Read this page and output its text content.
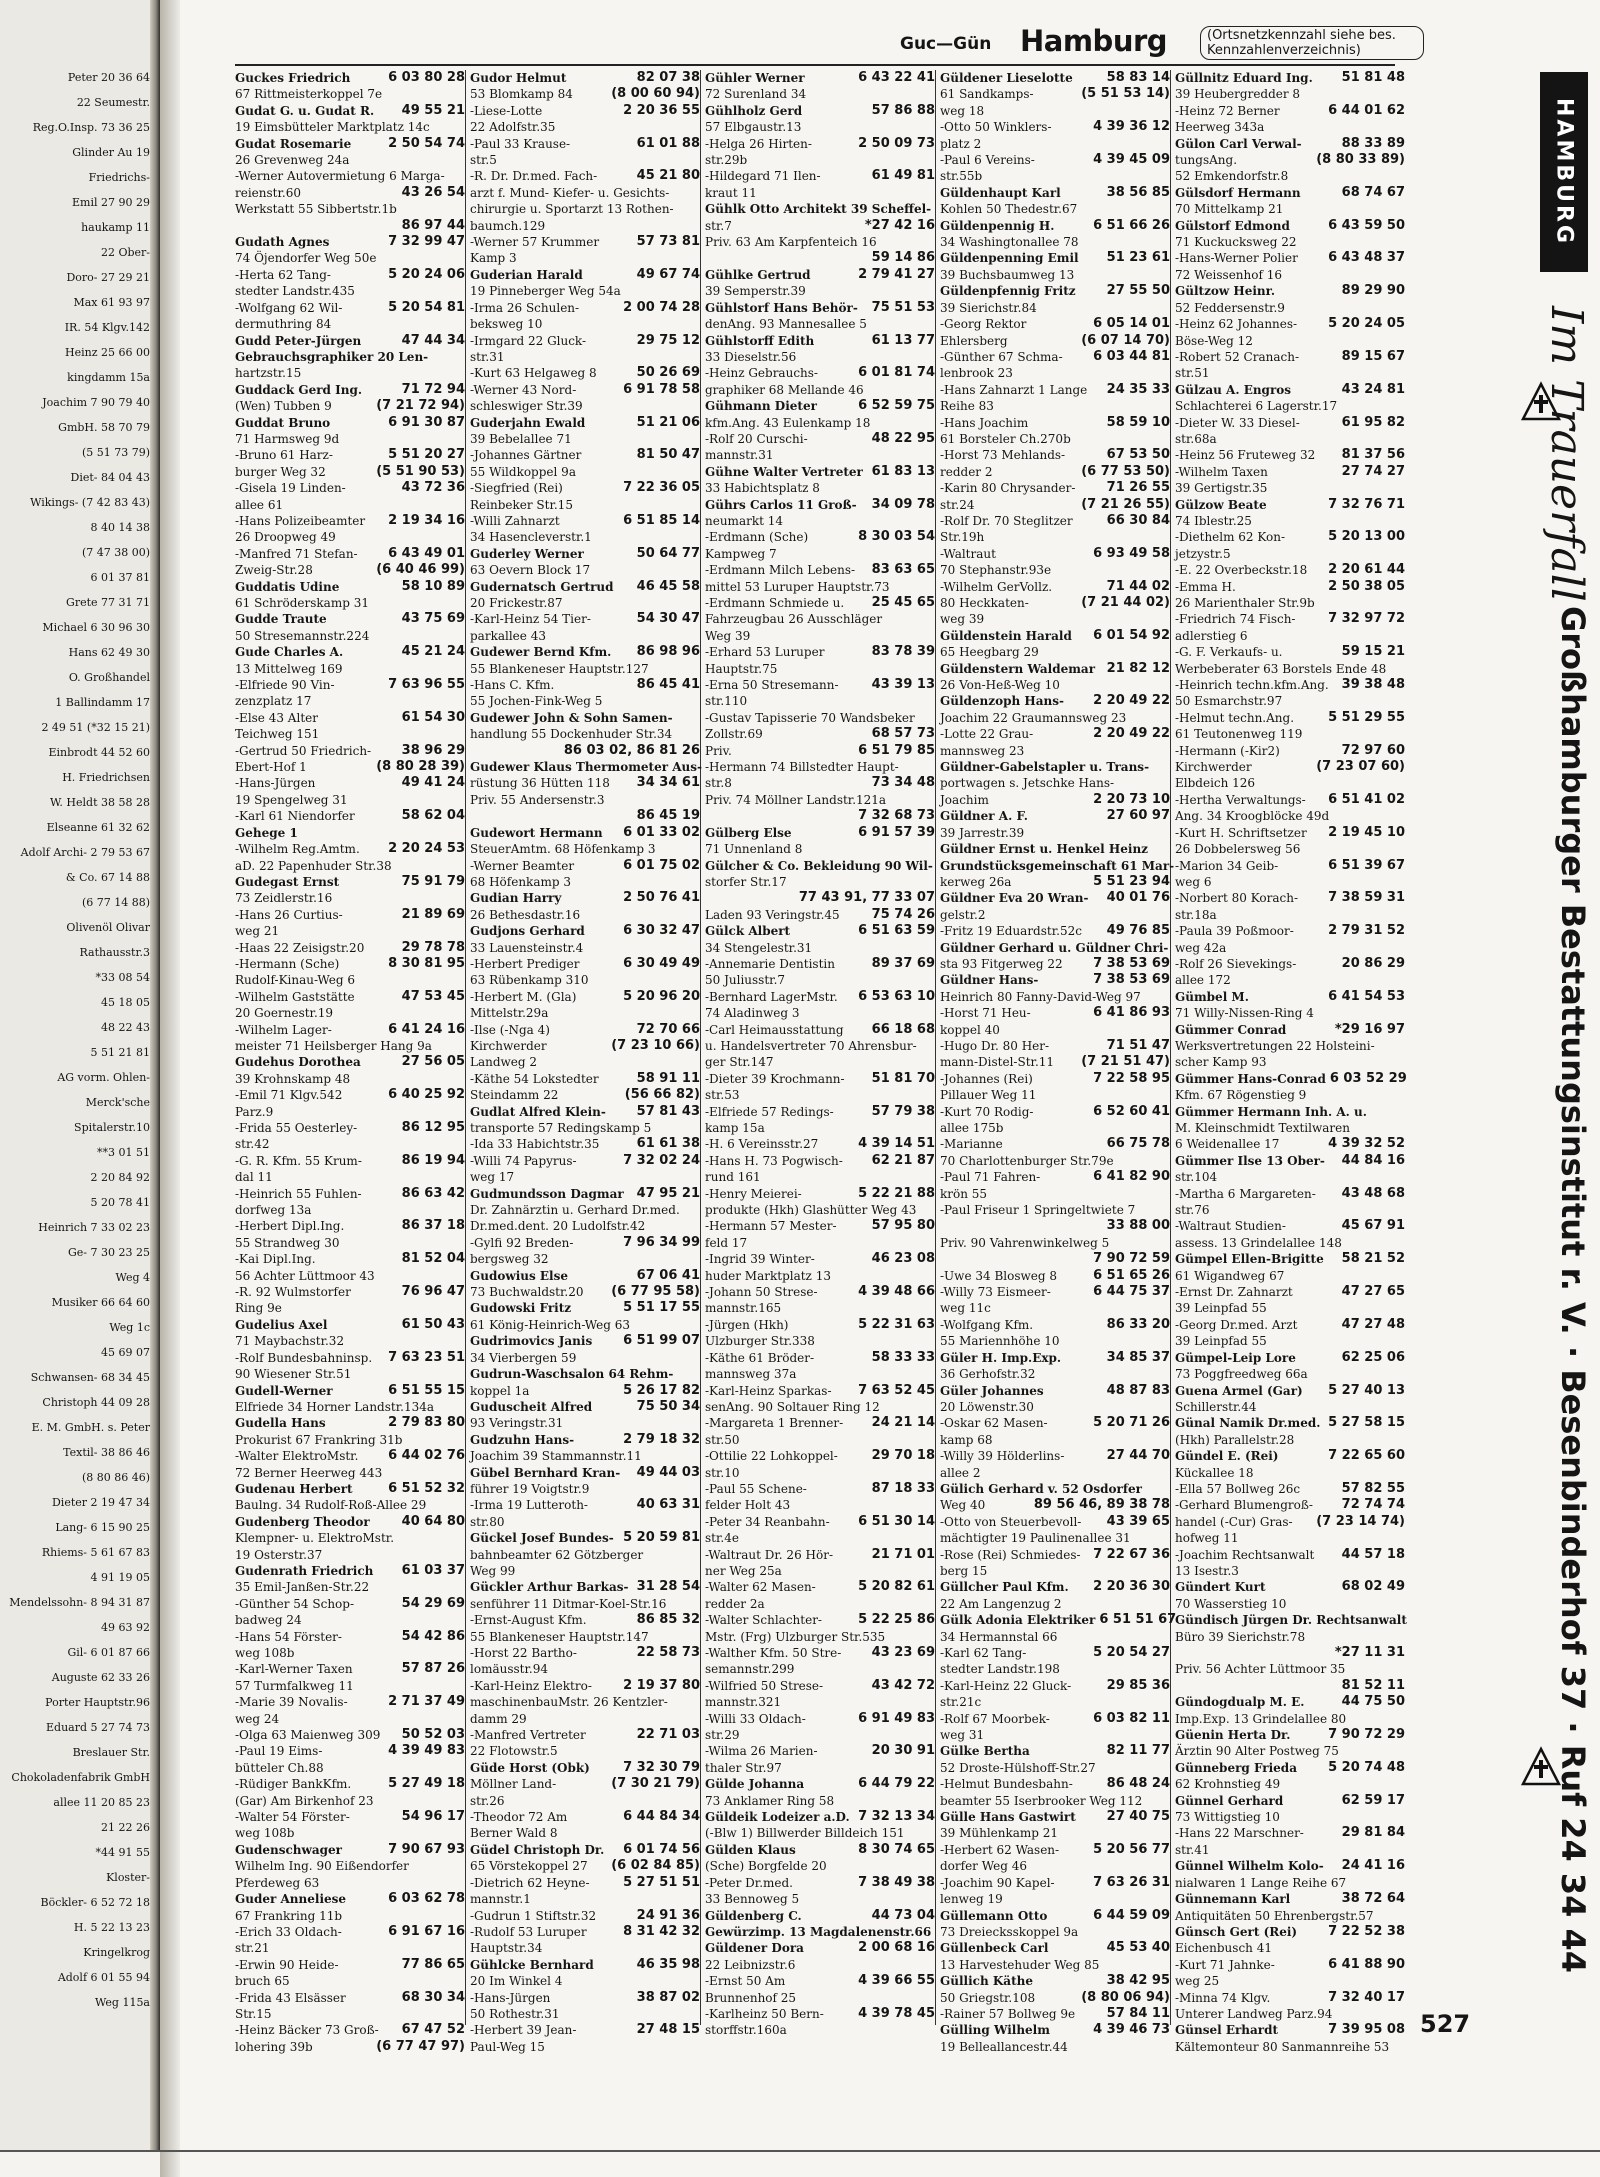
Peter 20 36 64
22 Seumestr.
Reg.O.Insp. 73 36 25
Glinder Au 19
Friedrichs-
Emil 27 90 29
haukamp 11
22 Ober-
Doro- 27 29 21
Max 61 93 97
IR. 54 Klgv.142
Heinz 25 66 00
kingdamm 15a
Joachim 7 90 79 40
GmbH. 58 70 79
(5 51 73 79)
Diet- 84 04 43
Wikings- (7 42 83 43)
8 40 14 38
(7 47 38 00)
6 01 37 81
Grete 77 31 71
Michael 6 30 96 30
Hans 62 49 30
O. Großhandel
1 Ballindamm 17
2 49 51 (*32 15 21)
Einbrodt 44 52 60
H. Friedrichsen
W. Heldt 38 58 28
Elseanne 61 32 62
Adolf Archi- 2 79 53 67
& Co. 67 14 88
(6 77 14 88)
Olivenöl Olivar
Rathausstr.3
*33 08 54
45 18 05
48 22 43
5 51 21 81
AG vorm. Ohlen-
Merck'sche
Spitalerstr.10
**3 01 51
2 20 84 92
5 20 78 41
Heinrich 7 33 02 23
Ge- 7 30 23 25
Weg 4
Musiker 66 64 60
Weg 1c
45 69 07
Schwansen- 68 34 45
Christoph 44 09 28
E. M. GmbH. s. Peter
Textil- 38 86 46
(8 80 86 46)
Dieter 2 19 47 34
Lang- 6 15 90 25
Rhiems- 5 61 67 83
4 91 19 05
Mendelssohn- 8 94 31 87
49 63 92
Gil- 6 01 87 66
Auguste 62 33 26
Porter Hauptstr.96
Eduard 5 27 74 73
Breslauer Str.
Chokoladenfabrik GmbH
allee 11 20 85 23
21 22 26
*44 91 55
Kloster-
Böckler- 6 52 72 18
H. 5 22 13 23
Kringelkrog
Adolf 6 01 55 94
Weg 115a
Guc—Gün Hamburg	(Ortsnetzkennzahl siehe bes. Kennzahlenverzeichnis)
Guckes Friedrich	6 03 80 28
67 Rittmeisterkoppel 7e
Gudat G. u. Gudat R. 49 55 21
19 Eimsbütteler Marktplatz 14c
Gudat Rosemarie	2 50 54 74
26 Grevenweg 24a
-Werner Autovermietung 6 Marga-
reienstr.60	43 26 54
Werkstatt 55 Sibbertstr.1b
86 97 44
Gudath Agnes	7 32 99 47
74 Öjendorfer Weg 50e
-Herta 62 Tang-	5 20 24 06
stedter Landstr.435
-Wolfgang 62 Wil-	5 20 54 81
dermuthring 84
Gudd Peter-Jürgen	47 44 34
Gebrauchsgraphiker 20 Len-
hartzstr.15
Guddack Gerd Ing.	71 72 94
(Wen) Tubben 9	(7 21 72 94)
Guddat Bruno	6 91 30 87
71 Harmsweg 9d
-Bruno 61 Harz-	5 51 20 27
burger Weg 32	(5 51 90 53)
-Gisela 19 Linden-	43 72 36
allee 61
-Hans Polizeibeamter 2 19 34 16
26 Droopweg 49
-Manfred 71 Stefan- 6 43 49 01
Zweig-Str.28	(6 40 46 99)
Guddatis Udine	58 10 89
61 Schröderskamp 31
Gudde Traute	43 75 69
50 Stresemannstr.224
Gude Charles A.	45 21 24
13 Mittelweg 169
-Elfriede 90 Vin-	7 63 96 55
zenzplatz 17
-Else 43 Alter	61 54 30
Teichweg 151
-Gertrud 50 Friedrich- 38 96 29
Ebert-Hof 1	(8 80 28 39)
-Hans-Jürgen	49 41 24
19 Spengelweg 31
-Karl 61 Niendorfer	58 62 04
Gehege 1
-Wilhelm Reg.Amtm. 2 20 24 53
aD. 22 Papenhuder Str.38
Gudegast Ernst	75 91 79
73 Zeidlerstr.16
-Hans 26 Curtius-	21 89 69
weg 21
-Haas 22 Zeisigstr.20	29 78 78
-Hermann (Sche)	8 30 81 95
Rudolf-Kinau-Weg 6
-Wilhelm Gaststätte	47 53 45
20 Goernestr.19
-Wilhelm Lager-	6 41 24 16
meister 71 Heilsberger Hang 9a
Gudehus Dorothea	27 56 05
39 Krohnskamp 48
-Emil 71 Klgv.542	6 40 25 92
Parz.9
-Frida 55 Oesterley-	86 12 95
str.42
-G. R. Kfm. 55 Krum-	86 19 94
dal 11
-Heinrich 55 Fuhlen-	86 63 42
dorfweg 13a
-Herbert Dipl.Ing.	86 37 18
55 Strandweg 30
-Kai Dipl.Ing.	81 52 04
56 Achter Lüttmoor 43
-R. 92 Wulmstorfer	76 96 47
Ring 9e
Gudelius Axel	61 50 43
71 Maybachstr.32
-Rolf Bundesbahninsp. 7 63 23 51
90 Wiesener Str.51
Gudell-Werner	6 51 55 15
Elfriede 34 Horner Landstr.134a
Gudella Hans	2 79 83 80
Prokurist 67 Frankring 31b
-Walter ElektroMstr. 6 44 02 76
72 Berner Heerweg 443
Gudenau Herbert	6 51 52 32
Baulng. 34 Rudolf-Roß-Allee 29
Gudenberg Theodor 40 64 80
Klempner- u. ElektroMstr.
19 Osterstr.37
Gudenrath Friedrich 61 03 37
35 Emil-Janßen-Str.22
-Günther 54 Schop-	54 29 69
badweg 24
-Hans 54 Förster-	54 42 86
weg 108b
-Karl-Werner Taxen	57 87 26
57 Turmfalkweg 11
-Marie 39 Novalis-	2 71 37 49
weg 24
-Olga 63 Maienweg 309 50 52 03
-Paul 19 Eims-	4 39 49 83
bütteler Ch.88
-Rüdiger BankKfm.	5 27 49 18
(Gar) Am Birkenhof 23
-Walter 54 Förster-	54 96 17
weg 108b
Gudenschwager	7 90 67 93
Wilhelm Ing. 90 Eißendorfer
Pferdeweg 63
Guder Anneliese	6 03 62 78
67 Frankring 11b
-Erich 33 Oldach-	6 91 67 16
str.21
-Erwin 90 Heide-	77 86 65
bruch 65
-Frida 43 Elsässer	68 30 34
Str.15
-Heinz Bäcker 73 Groß- 67 47 52
lohering 39b	(6 77 47 97)
Gudor Helmut	82 07 38
53 Blomkamp 84	(8 00 60 94)
-Liese-Lotte	2 20 36 55
22 Adolfstr.35
-Paul 33 Krause-	61 01 88
str.5
-R. Dr. Dr.med. Fach-	45 21 80
arzt f. Mund- Kiefer- u. Gesichts-
chirurgie u. Sportarzt 13 Rothen-
baumch.129
-Werner 57 Krummer	57 73 81
Kamp 3
Guderian Harald	49 67 74
19 Pinneberger Weg 54a
-Irma 26 Schulen-	2 00 74 28
beksweg 10
-Irmgard 22 Gluck-	29 75 12
str.31
-Kurt 63 Helgaweg 8	50 26 69
-Werner 43 Nord-	6 91 78 58
schleswiger Str.39
Guderjahn Ewald	51 21 06
39 Bebelallee 71
-Johannes Gärtner	81 50 47
55 Wildkoppel 9a
-Siegfried (Rei)	7 22 36 05
Reinbeker Str.15
-Willi Zahnarzt	6 51 85 14
34 Hasencleverstr.1
Guderley Werner	50 64 77
63 Oevern Block 17
Gudernatsch Gertrud 46 45 58
20 Frickestr.87
-Karl-Heinz 54 Tier-	54 30 47
parkallee 43
Gudewer Bernd Kfm. 86 98 96
55 Blankeneser Hauptstr.127
-Hans C. Kfm.	86 45 41
55 Jochen-Fink-Weg 5
Gudewer John & Sohn Samen-
handlung 55 Dockenhuder Str.34
86 03 02, 86 81 26
Gudewer Klaus Thermometer Aus-
rüstung 36 Hütten 118 34 34 61
Priv. 55 Andersenstr.3
86 45 19
Gudewort Hermann 6 01 33 02
SteuerAmtm. 68 Höfenkamp 3
-Werner Beamter	6 01 75 02
68 Höfenkamp 3
Gudian Harry	2 50 76 41
26 Bethesdastr.16
Gudjons Gerhard	6 30 32 47
33 Lauensteinstr.4
-Herbert Prediger	6 30 49 49
63 Rübenkamp 310
-Herbert M. (Gla)	5 20 96 20
Mittelstr.29a
-Ilse (-Nga 4)	72 70 66
Kirchwerder	(7 23 10 66)
Landweg 2
-Käthe 54 Lokstedter	58 91 11
Steindamm 22	(56 66 82)
Gudlat Alfred Klein- 57 81 43
transporte 57 Redingskamp 5
-Ida 33 Habichtstr.35	61 61 38
-Willi 74 Papyrus-	7 32 02 24
weg 17
Gudmundsson Dagmar 47 95 21
Dr. Zahnärztin u. Gerhard Dr.med.
Dr.med.dent. 20 Ludolfstr.42
-Gylfi 92 Breden-	7 96 34 99
bergsweg 32
Gudowius Else	67 06 41
73 Buchwaldstr.20 (6 77 95 58)
Gudowski Fritz	5 51 17 55
61 König-Heinrich-Weg 63
Gudrimovics Janis 6 51 99 07
34 Vierbergen 59
Gudrun-Waschsalon 64 Rehm-
koppel 1a	5 26 17 82
Guduscheit Alfred	75 50 34
93 Veringstr.31
Gudzuhn Hans-	2 79 18 32
Joachim 39 Stammannstr.11
Gübel Bernhard Kran- 49 44 03
führer 19 Voigtstr.9
-Irma 19 Lutteroth-	40 63 31
str.80
Gückel Josef Bundes- 5 20 59 81
bahnbeamter 62 Götzberger
Weg 99
Gückler Arthur Barkas- 31 28 54
senführer 11 Ditmar-Koel-Str.16
-Ernst-August Kfm.	86 85 32
55 Blankeneser Hauptstr.147
-Horst 22 Bartho-	22 58 73
lomäusstr.94
-Karl-Heinz Elektro- 2 19 37 80
maschinenbauMstr. 26 Kentzler-
damm 29
-Manfred Vertreter	22 71 03
22 Flotowstr.5
Güde Horst (Obk)	7 32 30 79
Möllner Land-	(7 30 21 79)
str.26
-Theodor 72 Am	6 44 84 34
Berner Wald 8
Güdel Christoph Dr. 6 01 74 56
65 Vörstekoppel 27 (6 02 84 85)
-Dietrich 62 Heyne-	5 27 51 51
mannstr.1
-Gudrun 1 Stiftstr.32	24 91 36
-Rudolf 53 Luruper	8 31 42 32
Hauptstr.34
Gühlcke Bernhard	46 35 98
20 Im Winkel 4
-Hans-Jürgen	38 87 02
50 Rothestr.31
-Herbert 39 Jean-	27 48 15
Paul-Weg 15
Gühler Werner	6 43 22 41
72 Surenland 34
Gühlholz Gerd	57 86 88
57 Elbgaustr.13
-Helga 26 Hirten-	2 50 09 73
str.29b
-Hildegard 71 Ilen-	61 49 81
kraut 11
Gühlk Otto Architekt 39 Scheffel-
str.7	*27 42 16
Priv. 63 Am Karpfenteich 16
59 14 86
Gühlke Gertrud	2 79 41 27
39 Semperstr.39
Gühlstorf Hans Behör- 75 51 53
denAng. 93 Mannesallee 5
Gühlstorff Edith	61 13 77
33 Dieselstr.56
-Heinz Gebrauchs-	6 01 81 74
graphiker 68 Mellande 46
Gühmann Dieter	6 52 59 75
kfm.Ang. 43 Eulenkamp 18
-Rolf 20 Curschi-	48 22 95
mannstr.31
Gühne Walter Vertreter 61 83 13
33 Habichtsplatz 8
Gührs Carlos 11 Groß- 34 09 78
neumarkt 14
-Erdmann (Sche)	8 30 03 54
Kampweg 7
-Erdmann Milch Lebens- 83 63 65
mittel 53 Luruper Hauptstr.73
-Erdmann Schmiede u. 25 45 65
Fahrzeugbau 26 Ausschläger
Weg 39
-Erhard 53 Luruper	83 78 39
Hauptstr.75
-Erna 50 Stresemann-	43 39 13
str.110
-Gustav Tapisserie 70 Wandsbeker
Zollstr.69	68 57 73
Priv.	6 51 79 85
-Hermann 74 Billstedter Haupt-
str.8	73 34 48
Priv. 74 Möllner Landstr.121a
7 32 68 73
Gülberg Else	6 91 57 39
71 Unnenland 8
Gülcher & Co. Bekleidung 90 Wil-
storfer Str.17
77 43 91, 77 33 07
Laden 93 Veringstr.45 75 74 26
Gülck Albert	6 51 63 59
34 Stengelestr.31
-Annemarie Dentistin	89 37 69
50 Juliusstr.7
-Bernhard LagerMstr. 6 53 63 10
74 Aladinweg 3
-Carl Heimausstattung 66 18 68
u. Handelsvertreter 70 Ahrensbur-
ger Str.147
-Dieter 39 Krochmann- 51 81 70
str.53
-Elfriede 57 Redings-	57 79 38
kamp 15a
-H. 6 Vereinsstr.27	4 39 14 51
-Hans H. 73 Pogwisch- 62 21 87
rund 161
-Henry Meierei-	5 22 21 88
produkte (Hkh) Glashütter Weg 43
-Hermann 57 Mester-	57 95 80
feld 17
-Ingrid 39 Winter-	46 23 08
huder Marktplatz 13
-Johann 50 Strese-	4 39 48 66
mannstr.165
-Jürgen (Hkh)	5 22 31 63
Ulzburger Str.338
-Käthe 61 Bröder-	58 33 33
mannsweg 37a
-Karl-Heinz Sparkas- 7 63 52 45
senAng. 90 Soltauer Ring 12
-Margareta 1 Brenner- 24 21 14
str.50
-Ottilie 22 Lohkoppel-	29 70 18
str.10
-Paul 55 Schene-	87 18 33
felder Holt 43
-Peter 34 Reanbahn- 6 51 30 14
str.4e
-Waltraut Dr. 26 Hör-	21 71 01
ner Weg 25a
-Walter 62 Masen-	5 20 82 61
redder 2a
-Walter Schlachter-	5 22 25 86
Mstr. (Frg) Ulzburger Str.535
-Walther Kfm. 50 Stre- 43 23 69
semannstr.299
-Wilfried 50 Strese-	43 42 72
mannstr.321
-Willi 33 Oldach-	6 91 49 83
str.29
-Wilma 26 Marien-	20 30 91
thaler Str.97
Gülde Johanna	6 44 79 22
73 Anklamer Ring 58
Güldeik Lodeizer a.D. 7 32 13 34
(-Blw 1) Billwerder Billdeich 151
Gülden Klaus	8 30 74 65
(Sche) Borgfelde 20
-Peter Dr.med.	7 38 49 38
33 Bennoweg 5
Güldenberg C.	44 73 04
Gewürzimp. 13 Magdalenenstr.66
Güldener Dora	2 00 68 16
22 Leibnizstr.6
-Ernst 50 Am	4 39 66 55
Brunnenhof 25
-Karlheinz 50 Bern-	4 39 78 45
storffstr.160a
Güldener Lieselotte	58 83 14
61 Sandkamps-	(5 51 53 14)
weg 18
-Otto 50 Winklers-	4 39 36 12
platz 2
-Paul 6 Vereins-	4 39 45 09
str.55b
Güldenhaupt Karl	38 56 85
Kohlen 50 Thedestr.67
Güldenpennig H.	6 51 66 26
34 Washingtonallee 78
Güldenpenning Emil 51 23 61
39 Buchsbaumweg 13
Güldenpfennig Fritz 27 55 50
39 Sierichstr.84
-Georg Rektor	6 05 14 01
Ehlersberg	(6 07 14 70)
-Günther 67 Schma- 6 03 44 81
lenbrook 23
-Hans Zahnarzt 1 Lange 24 35 33
Reihe 83
-Hans Joachim	58 59 10
61 Borsteler Ch.270b
-Horst 73 Mehlands-	67 53 50
redder 2	(6 77 53 50)
-Karin 80 Chrysander- 71 26 55
str.24	(7 21 26 55)
-Rolf Dr. 70 Steglitzer	66 30 84
Str.19h
-Waltraut	6 93 49 58
70 Stephanstr.93e
-Wilhelm GerVollz.	71 44 02
80 Heckkaten-	(7 21 44 02)
weg 39
Güldenstein Harald 6 01 54 92
65 Heegbarg 29
Güldenstern Waldemar 21 82 12
26 Von-Heß-Weg 10
Güldenzoph Hans- 2 20 49 22
Joachim 22 Graumannsweg 23
-Lotte 22 Grau-	2 20 49 22
mannsweg 23
Güldner-Gabelstapler u. Trans-
portwagen s. Jetschke Hans-
Joachim	2 20 73 10
Güldner A. F.	27 60 97
39 Jarrestr.39
Güldner Ernst u. Henkel Heinz
Grundstücksgemeinschaft 61 Mar-
kerweg 26a	5 51 23 94
Güldner Eva 20 Wran- 40 01 76
gelstr.2
-Fritz 19 Eduardstr.52c 49 76 85
Güldner Gerhard u. Güldner Chri-
sta 93 Fitgerweg 22 7 38 53 69
Güldner Hans-	7 38 53 69
Heinrich 80 Fanny-David-Weg 97
-Horst 71 Heu-	6 41 86 93
koppel 40
-Hugo Dr. 80 Her-	71 51 47
mann-Distel-Str.11 (7 21 51 47)
-Johannes (Rei)	7 22 58 95
Pillauer Weg 11
-Kurt 70 Rodig-	6 52 60 41
allee 175b
-Marianne	66 75 78
70 Charlottenburger Str.79e
-Paul 71 Fahren-	6 41 82 90
krön 55
-Paul Friseur 1 Springeltwiete 7
33 88 00
Priv. 90 Vahrenwinkelweg 5
7 90 72 59
-Uwe 34 Blosweg 8	6 51 65 26
-Willy 73 Eismeer-	6 44 75 37
weg 11c
-Wolfgang Kfm.	86 33 20
55 Mariennhöhe 10
Güler H. Imp.Exp.	34 85 37
36 Gerhofstr.32
Güler Johannes	48 87 83
20 Löwenstr.30
-Oskar 62 Masen-	5 20 71 26
kamp 68
-Willy 39 Hölderlins-	27 44 70
allee 2
Gülich Gerhard v. 52 Osdorfer
Weg 40	89 56 46, 89 38 78
-Otto von Steuerbevoll- 43 39 65
mächtigter 19 Paulinenallee 31
-Rose (Rei) Schmiedes- 7 22 67 36
berg 15
Güllcher Paul Kfm. 2 20 36 30
22 Am Langenzug 2
Gülk Adonia Elektriker 6 51 51 67
34 Hermannstal 66
-Karl 62 Tang-	5 20 54 27
stedter Landstr.198
-Karl-Heinz 22 Gluck-	29 85 36
str.21c
-Rolf 67 Moorbek-	6 03 82 11
weg 31
Gülke Bertha	82 11 77
52 Droste-Hülshoff-Str.27
-Helmut Bundesbahn-	86 48 24
beamter 55 Iserbrooker Weg 112
Gülle Hans Gastwirt 27 40 75
39 Mühlenkamp 21
-Herbert 62 Wasen-	5 20 56 77
dorfer Weg 46
-Joachim 90 Kapel-	7 63 26 31
lenweg 19
Güllemann Otto	6 44 59 09
73 Dreiecksskoppel 9a
Güllenbeck Carl	45 53 40
13 Harvestehuder Weg 85
Güllich Käthe	38 42 95
50 Griegstr.108	(8 80 06 94)
-Rainer 57 Bollweg 9e 57 84 11
Gülling Wilhelm	4 39 46 73
19 Belleallancestr.44
Güllnitz Eduard Ing. 51 81 48
39 Heubergredder 8
-Heinz 72 Berner	6 44 01 62
Heerweg 343a
Gülon Carl Verwal-	88 33 89
tungsAng.	(8 80 33 89)
52 Emkendorfstr.8
Gülsdorf Hermann	68 74 67
70 Mittelkamp 21
Gülstorf Edmond	6 43 59 50
71 Kuckucksweg 22
-Hans-Werner Polier 6 43 48 37
72 Weissenhof 16
Gültzow Heinr.	89 29 90
52 Feddersenstr.9
-Heinz 62 Johannes- 5 20 24 05
Böse-Weg 12
-Robert 52 Cranach-	89 15 67
str.51
Gülzau A. Engros	43 24 81
Schlachterei 6 Lagerstr.17
-Dieter W. 33 Diesel-	61 95 82
str.68a
-Heinz 56 Fruteweg 32 81 37 56
-Wilhelm Taxen	27 74 27
39 Gertigstr.35
Gülzow Beate	7 32 76 71
74 Iblestr.25
-Diethelm 62 Kon-	5 20 13 00
jetzystr.5
-E. 22 Overbeckstr.18 2 20 61 44
-Emma H.	2 50 38 05
26 Marienthaler Str.9b
-Friedrich 74 Fisch-	7 32 97 72
adlerstieg 6
-G. F. Verkaufs- u.	59 15 21
Werbeberater 63 Borstels Ende 48
-Heinrich techn.kfm.Ang. 39 38 48
50 Esmarchstr.97
-Helmut techn.Ang.	5 51 29 55
61 Teutonenweg 119
-Hermann (-Kir2)	72 97 60
Kirchwerder	(7 23 07 60)
Elbdeich 126
-Hertha Verwaltungs- 6 51 41 02
Ang. 34 Kroogblöcke 49d
-Kurt H. Schriftsetzer 2 19 45 10
26 Dobbelersweg 56
-Marion 34 Geib-	6 51 39 67
weg 6
-Norbert 80 Korach- 7 38 59 31
str.18a
-Paula 39 Poßmoor-	2 79 31 52
weg 42a
-Rolf 26 Sievekings-	20 86 29
allee 172
Gümbel M.	6 41 54 53
71 Willy-Nissen-Ring 4
Gümmer Conrad	*29 16 97
Werksvertretungen 22 Holsteini-
scher Kamp 93
Gümmer Hans-Conrad 6 03 52 29
Kfm. 67 Rögenstieg 9
Gümmer Hermann Inh. A. u.
M. Kleinschmidt Textilwaren
6 Weidenallee 17	4 39 32 52
Gümmer Ilse 13 Ober- 44 84 16
str.104
-Martha 6 Margareten- 43 48 68
str.76
-Waltraut Studien-	45 67 91
assess. 13 Grindelallee 148
Gümpel Ellen-Brigitte 58 21 52
61 Wigandweg 67
-Ernst Dr. Zahnarzt	47 27 65
39 Leinpfad 55
-Georg Dr.med. Arzt	47 27 48
39 Leinpfad 55
Gümpel-Leip Lore	62 25 06
73 Poggfreedweg 66a
Guena Armel (Gar) 5 27 40 13
Schillerstr.44
Günal Namik Dr.med. 5 27 58 15
(Hkh) Parallelstr.28
Gündel E. (Rei)	7 22 65 60
Kückallee 18
-Ella 57 Bollweg 26c	57 82 55
-Gerhard Blumengroß- 72 74 74
handel (-Cur) Gras- (7 23 14 74)
hofweg 11
-Joachim Rechtsanwalt 44 57 18
13 Isestr.3
Gündert Kurt	68 02 49
70 Wasserstieg 10
Gündisch Jürgen Dr. Rechtsanwalt
Büro 39 Sierichstr.78
*27 11 31
Priv. 56 Achter Lüttmoor 35
81 52 11
Gündogdualp M. E.	44 75 50
Imp.Exp. 13 Grindelallee 80
Güenin Herta Dr.	7 90 72 29
Ärztin 90 Alter Postweg 75
Günneberg Frieda 5 20 74 48
62 Krohnstieg 49
Günnel Gerhard	62 59 17
73 Wittigstieg 10
-Hans 22 Marschner-	29 81 84
str.41
Günnel Wilhelm Kolo- 24 41 16
nialwaren 1 Lange Reihe 67
Günnemann Karl	38 72 64
Antiquitäten 50 Ehrenbergstr.57
Günsch Gert (Rei) 7 22 52 38
Eichenbusch 41
-Kurt 71 Jahnke-	6 41 88 90
weg 25
-Minna 74 Klgv.	7 32 40 17
Unterer Landweg Parz.94
Günsel Erhardt	7 39 95 08
Kältemonteur 80 Sanmannreihe 53
HAMBURG
Im Trauerfall
Großhamburger Bestattungsinstitut r. V. · Besenbinderhof 37 · Ruf 24 34 44
527
